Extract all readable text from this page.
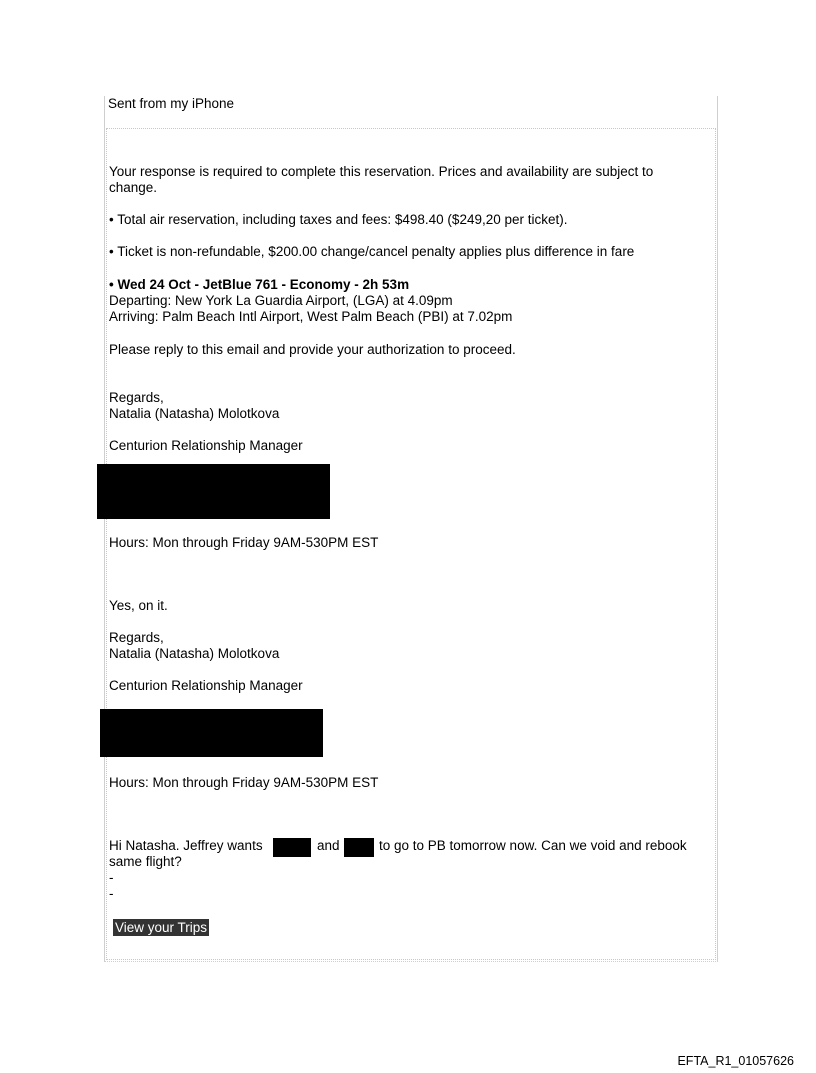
Sent from my iPhone
Your response is required to complete this reservation. Prices and availability are subject to
change.
• Total air reservation, including taxes and fees: $498.40 ($249,20 per ticket).
• Ticket is non-refundable, $200.00 change/cancel penalty applies plus difference in fare
• Wed 24 Oct - JetBlue 761 - Economy - 2h 53m
Departing: New York La Guardia Airport, (LGA) at 4.09pm
Arriving: Palm Beach Intl Airport, West Palm Beach (PBI) at 7.02pm
Please reply to this email and provide your authorization to proceed.
Regards,
Natalia (Natasha) Molotkova
Centurion Relationship Manager
Hours: Mon through Friday 9AM-530PM EST
Yes, on it.
Regards,
Natalia (Natasha) Molotkova
Centurion Relationship Manager
Hours: Mon through Friday 9AM-530PM EST
Hi Natasha. Jeffrey wants	and	to go to PB tomorrow now. Can we void and rebook
same flight?
-
-
View your Trips
EFTA_R1_01057626
